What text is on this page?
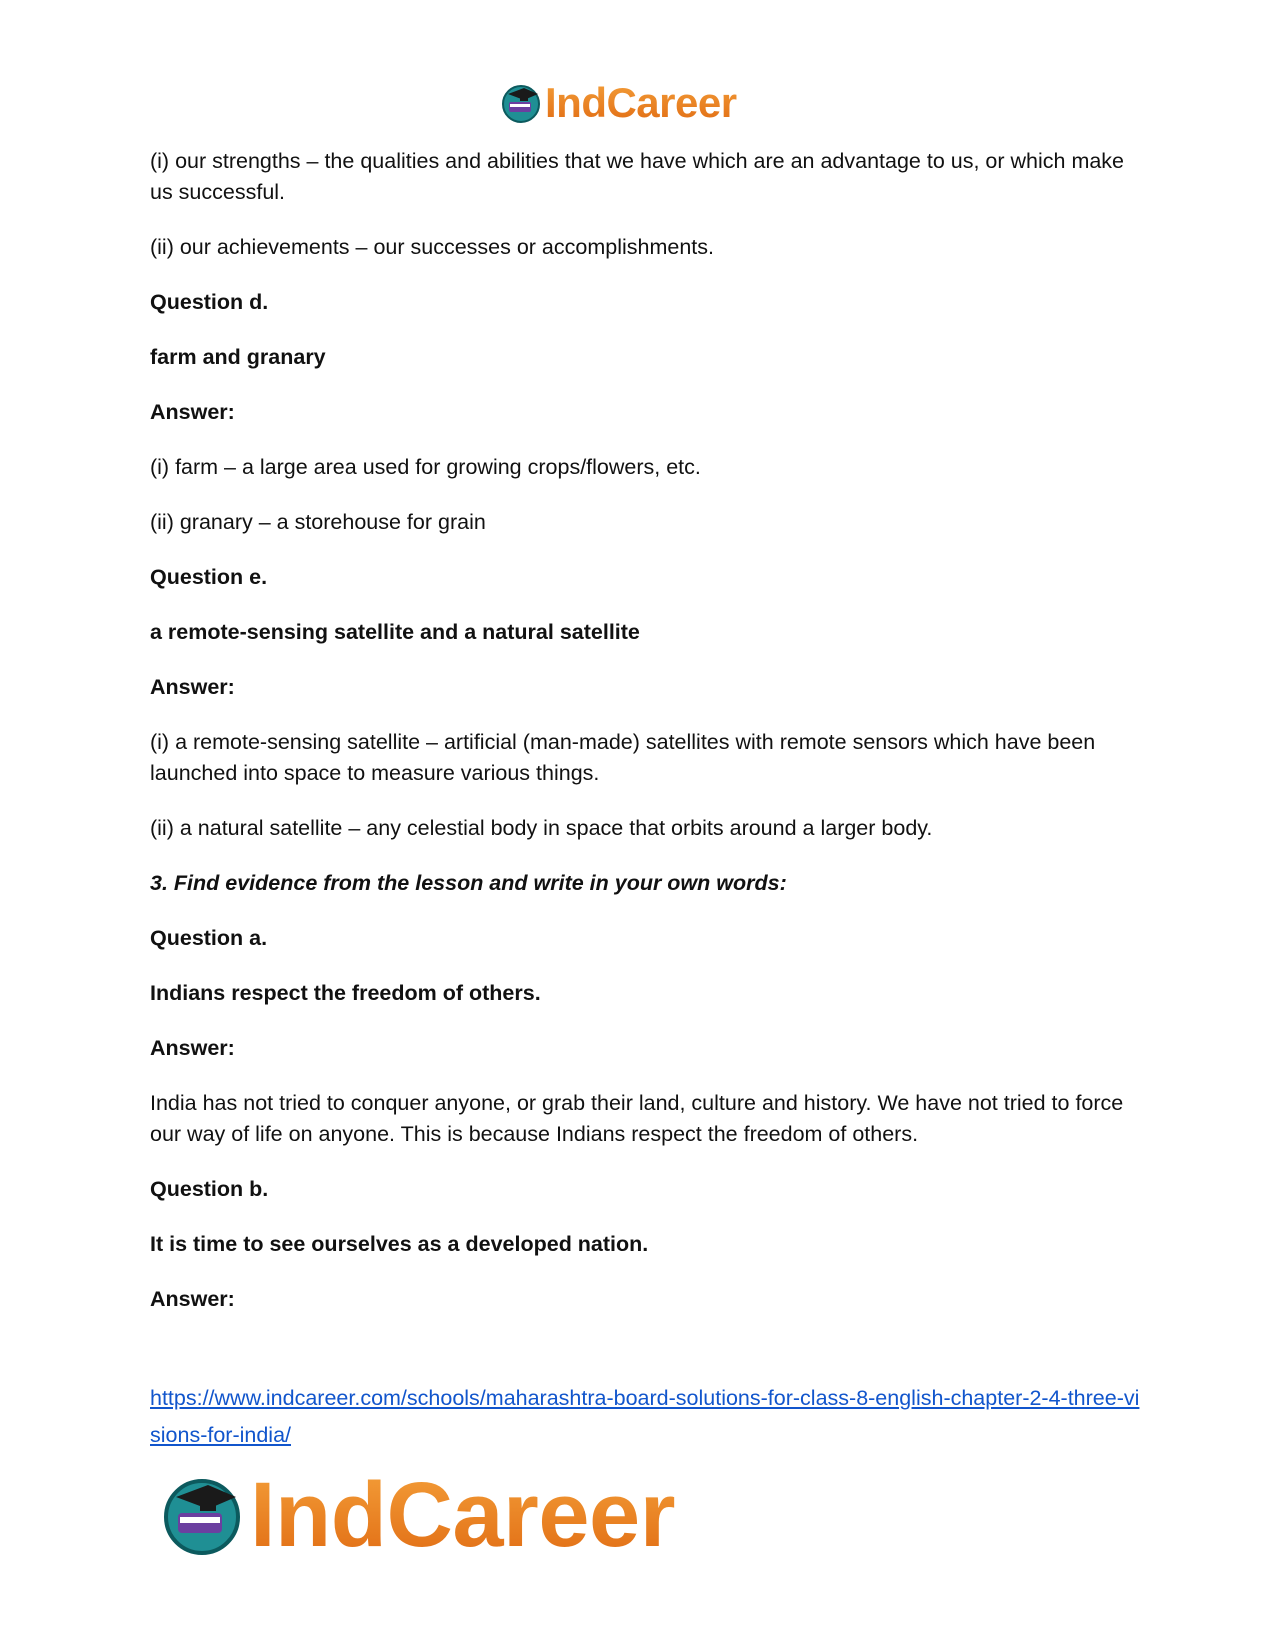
IndCareer

(i) our strengths – the qualities and abilities that we have which are an advantage to us, or which make us successful.

(ii) our achievements – our successes or accomplishments.

Question d.

farm and granary

Answer:

(i) farm – a large area used for growing crops/flowers, etc.

(ii) granary – a storehouse for grain

Question e.

a remote-sensing satellite and a natural satellite

Answer:

(i) a remote-sensing satellite – artificial (man-made) satellites with remote sensors which have been launched into space to measure various things.

(ii) a natural satellite – any celestial body in space that orbits around a larger body.

3. Find evidence from the lesson and write in your own words:

Question a.

Indians respect the freedom of others.

Answer:

India has not tried to conquer anyone, or grab their land, culture and history. We have not tried to force our way of life on anyone. This is because Indians respect the freedom of others.

Question b.

It is time to see ourselves as a developed nation.

Answer:

https://www.indcareer.com/schools/maharashtra-board-solutions-for-class-8-english-chapter-2-4-three-visions-for-india/
IndCareer
